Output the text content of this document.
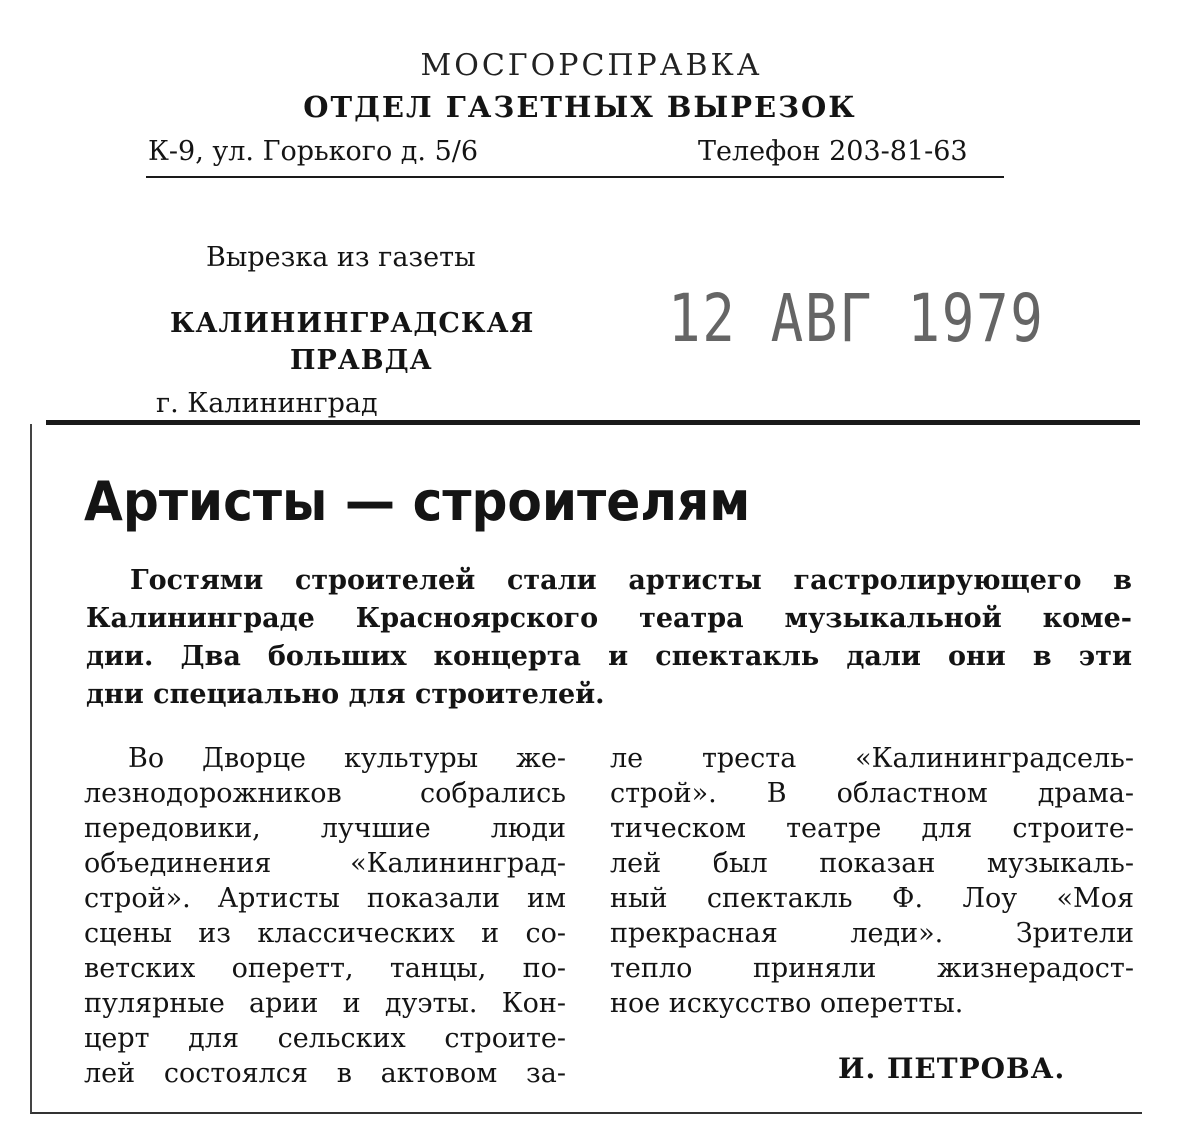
МОСГОРСПРАВКА
ОТДЕЛ ГАЗЕТНЫХ ВЫРЕЗОК
К-9, ул. Горького д. 5/6	Телефон 203-81-63
Вырезка из газеты
КАЛИНИНГРАДСКАЯ
ПРАВДА
12 АВГ 1979
г. Калининград
Артисты — строителям
Гостями строителей стали артисты гастролирующего в
Калининграде Красноярского театра музыкальной коме-
дии. Два больших концерта и спектакль дали они в эти
дни специально для строителей.
Во Дворце культуры же-
лезнодорожников собрались
передовики, лучшие люди
объединения «Калининград-
строй». Артисты показали им
сцены из классических и со-
ветских оперетт, танцы, по-
пулярные арии и дуэты. Кон-
церт для сельских строите-
лей состоялся в актовом за-
ле треста «Калининградсель-
строй». В областном драма-
тическом театре для строите-
лей был показан музыкаль-
ный спектакль Ф. Лоу «Моя
прекрасная леди». Зрители
тепло приняли жизнерадост-
ное искусство оперетты.
И. ПЕТРОВА.
